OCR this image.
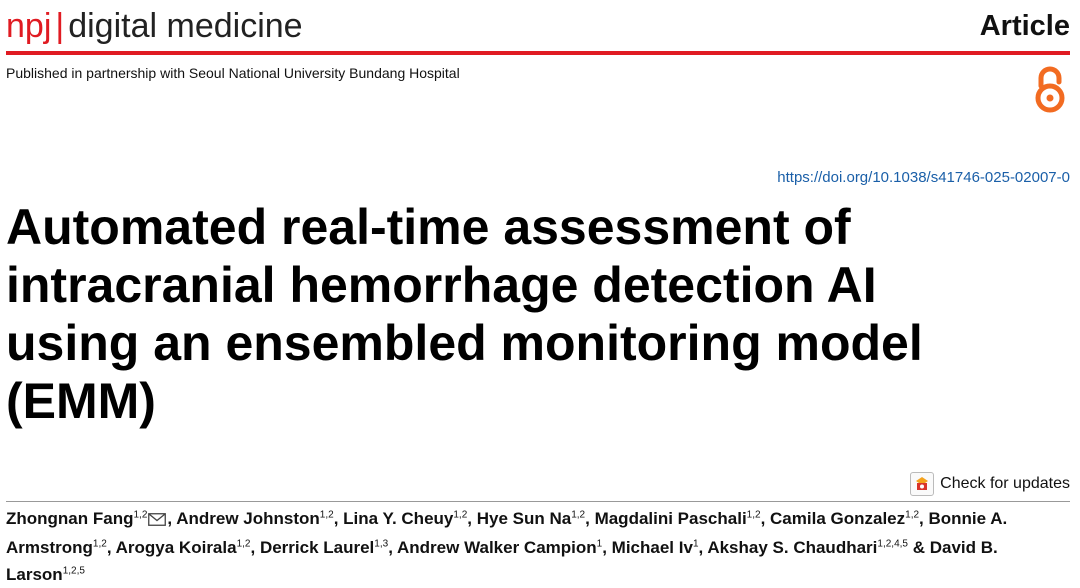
npj | digital medicine	Article
Published in partnership with Seoul National University Bundang Hospital
https://doi.org/10.1038/s41746-025-02007-0
Automated real-time assessment of intracranial hemorrhage detection AI using an ensembled monitoring model (EMM)
Check for updates
Zhongnan Fang$^{1,2}$ , Andrew Johnston$^{1,2}$, Lina Y. Cheuy$^{1,2}$, Hye Sun Na$^{1,2}$, Magdalini Paschali$^{1,2}$, Camila Gonzalez$^{1,2}$, Bonnie A. Armstrong$^{1,2}$, Arogya Koirala$^{1,2}$, Derrick Laurel$^{1,3}$, Andrew Walker Campion$^1$, Michael Iv$^1$, Akshay S. Chaudhari$^{1,2,4,5}$ & David B. Larson$^{1,2,5}$
